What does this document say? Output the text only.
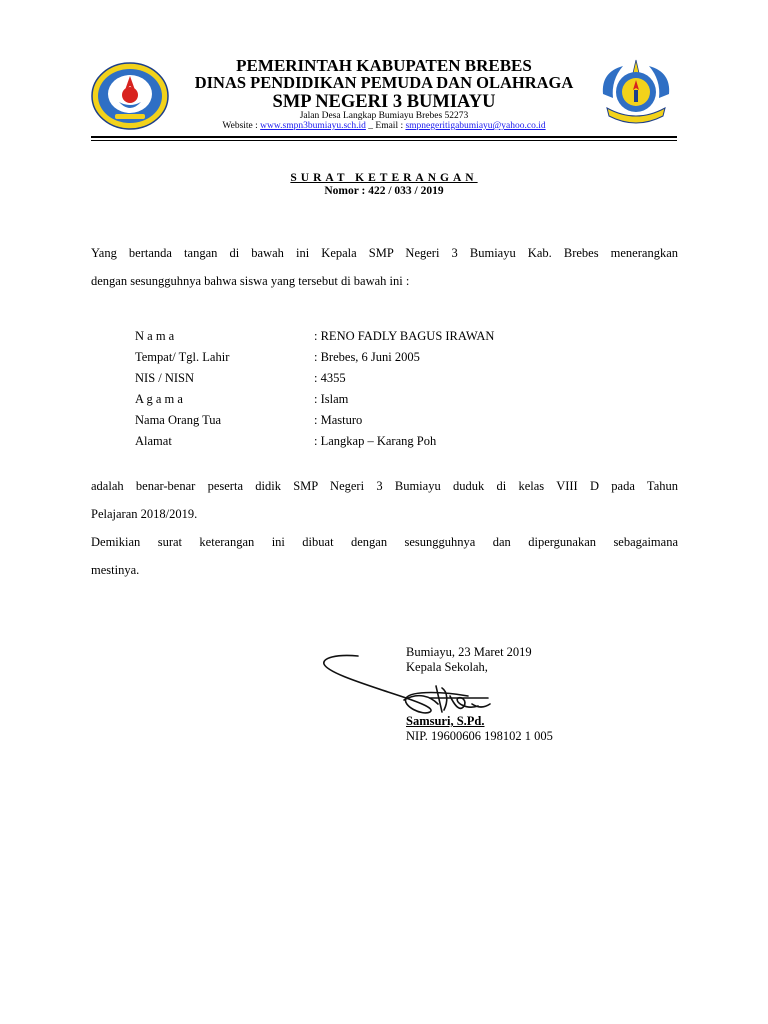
PEMERINTAH KABUPATEN BREBES
DINAS PENDIDIKAN PEMUDA DAN OLAHRAGA
SMP NEGERI 3 BUMIAYU
Jalan Desa Langkap Bumiayu Brebes 52273
Website : www.smpn3bumiayu.sch.id _ Email : smpnegeritigabumiayu@yahoo.co.id
SURAT KETERANGAN
Nomor : 422 / 033 / 2019
Yang bertanda tangan di bawah ini Kepala SMP Negeri 3 Bumiayu Kab. Brebes menerangkan
dengan sesungguhnya bahwa siswa yang tersebut di bawah ini :
N a m a	: RENO FADLY BAGUS IRAWAN
Tempat/ Tgl. Lahir	: Brebes, 6 Juni 2005
NIS / NISN	: 4355
A g a m a	: Islam
Nama Orang Tua	: Masturo
Alamat	: Langkap – Karang Poh
adalah benar-benar peserta didik SMP Negeri 3 Bumiayu duduk di kelas VIII D pada Tahun
Pelajaran 2018/2019.
Demikian surat keterangan ini dibuat dengan sesungguhnya dan dipergunakan sebagaimana
mestinya.
Bumiayu, 23 Maret 2019
Kepala Sekolah,
Samsuri, S.Pd.
NIP. 19600606 198102 1 005
